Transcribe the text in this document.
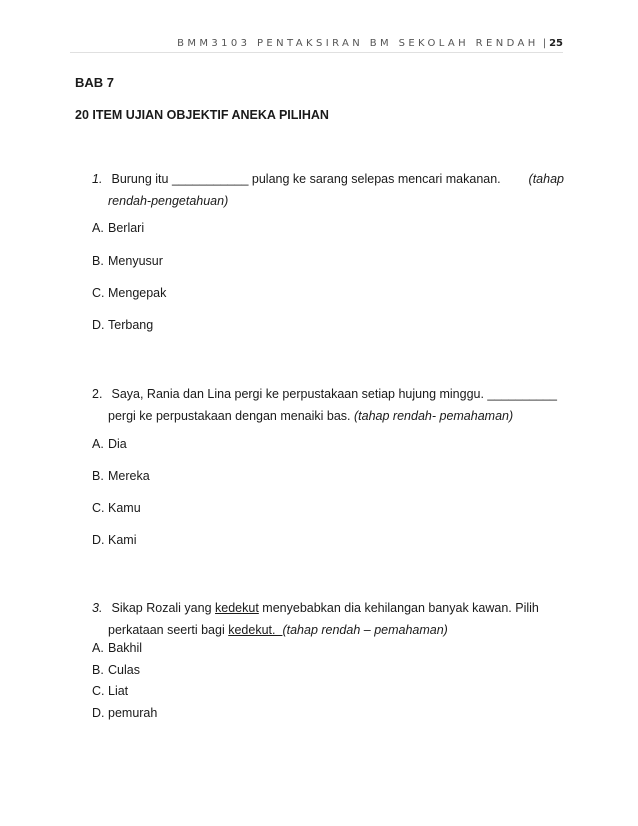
BMM3103 PENTAKSIRAN BM SEKOLAH RENDAH | 25
BAB 7
20 ITEM UJIAN OBJEKTIF ANEKA PILIHAN
1. Burung itu ___________ pulang ke sarang selepas mencari makanan. (tahap
rendah-pengetahuan)
A. Berlari
B. Menyusur
C. Mengepak
D. Terbang
2. Saya, Rania dan Lina pergi ke perpustakaan setiap hujung minggu. __________
pergi ke perpustakaan dengan menaiki bas. (tahap rendah- pemahaman)
A. Dia
B. Mereka
C. Kamu
D. Kami
3. Sikap Rozali yang kedekut menyebabkan dia kehilangan banyak kawan. Pilih
perkataan seerti bagi kedekut. (tahap rendah – pemahaman)
A. Bakhil
B. Culas
C. Liat
D. pemurah
